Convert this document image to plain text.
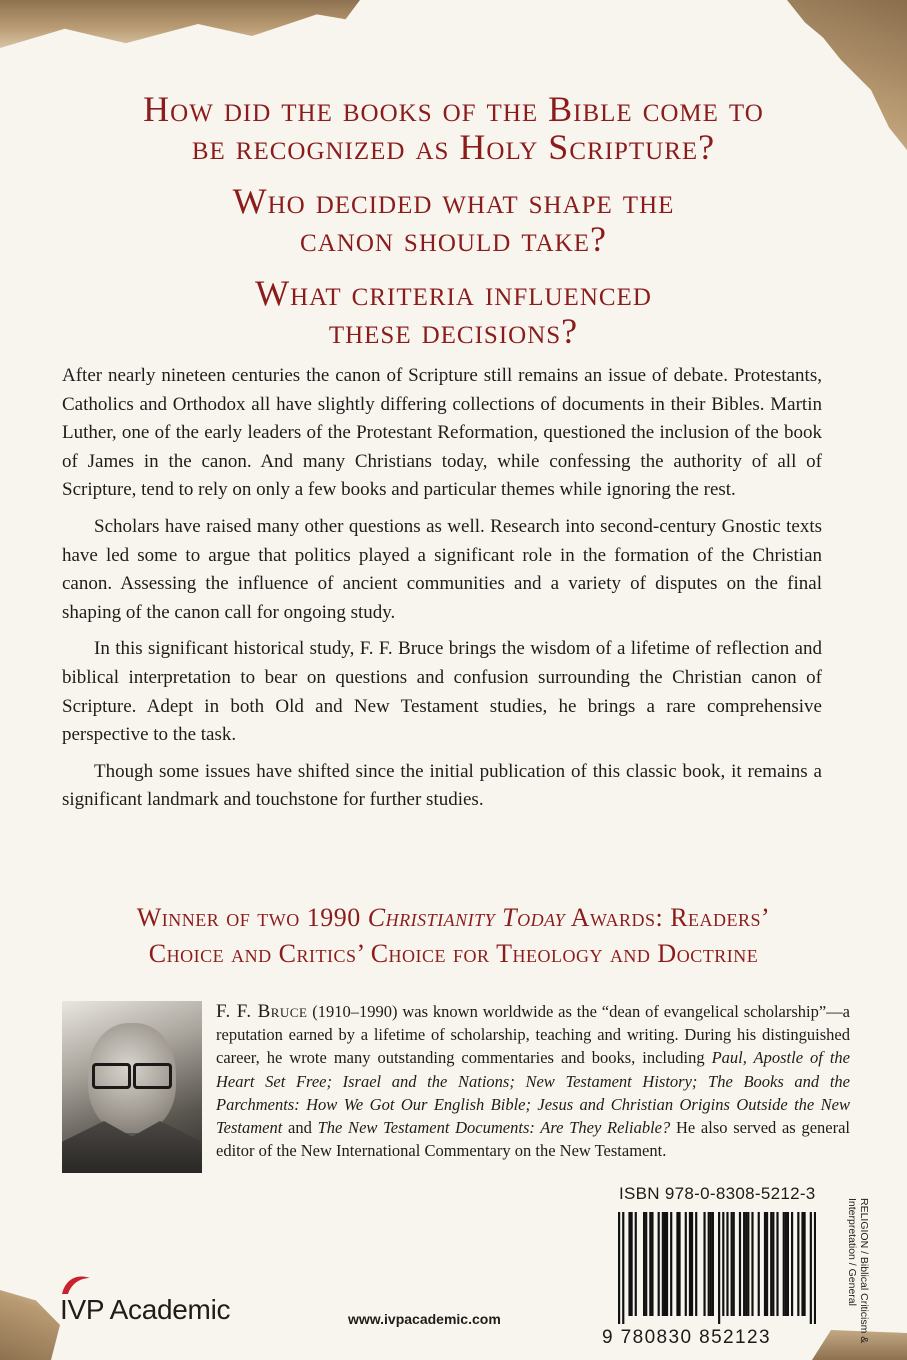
How did the books of the Bible come to be recognized as Holy Scripture?
Who decided what shape the canon should take?
What criteria influenced these decisions?

After nearly nineteen centuries the canon of Scripture still remains an issue of debate. Protestants, Catholics and Orthodox all have slightly differing collections of documents in their Bibles. Martin Luther, one of the early leaders of the Protestant Reformation, questioned the inclusion of the book of James in the canon. And many Christians today, while confessing the authority of all of Scripture, tend to rely on only a few books and particular themes while ignoring the rest.

Scholars have raised many other questions as well. Research into second-century Gnostic texts have led some to argue that politics played a significant role in the formation of the Christian canon. Assessing the influence of ancient communities and a variety of disputes on the final shaping of the canon call for ongoing study.

In this significant historical study, F. F. Bruce brings the wisdom of a lifetime of reflection and biblical interpretation to bear on questions and confusion surrounding the Christian canon of Scripture. Adept in both Old and New Testament studies, he brings a rare comprehensive perspective to the task.

Though some issues have shifted since the initial publication of this classic book, it remains a significant landmark and touchstone for further studies.

Winner of two 1990 Christianity Today Awards: Readers’
Choice and Critics’ Choice for Theology and Doctrine
F. F. Bruce (1910–1990) was known worldwide as the “dean of evangelical scholarship”—a reputation earned by a lifetime of scholarship, teaching and writing. During his distinguished career, he wrote many outstanding commentaries and books, including Paul, Apostle of the Heart Set Free; Israel and the Nations; New Testament History; The Books and the Parchments: How We Got Our English Bible; Jesus and Christian Origins Outside the New Testament and The New Testament Documents: Are They Reliable? He also served as general editor of the New International Commentary on the New Testament.
ISBN 978-0-8308-5212-3
9 780830 852123	RELIGION / Biblical Criticism &
Interpretation / General
IVP Academic	www.ivpacademic.com
